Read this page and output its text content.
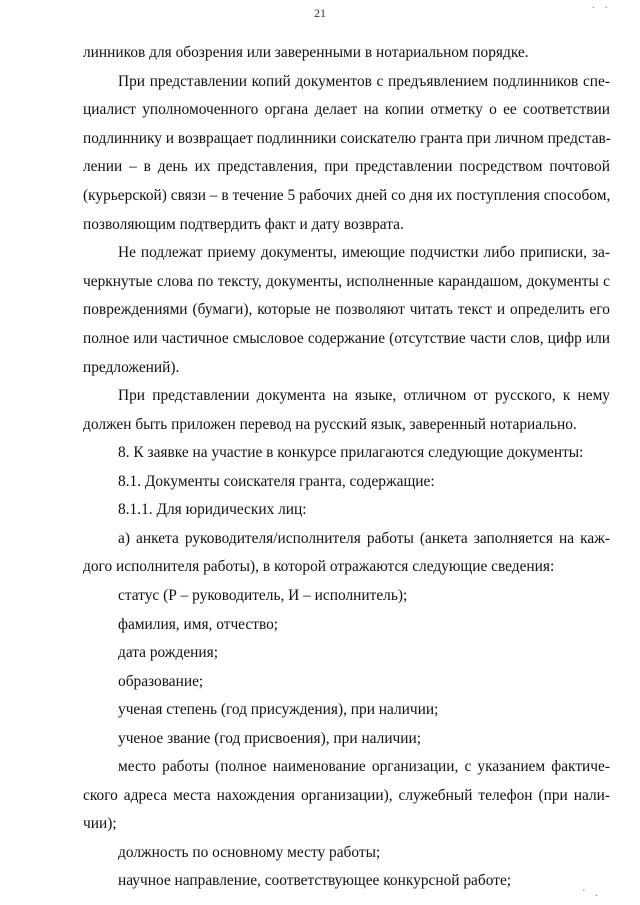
21
. .
' .
линников для обозрения или заверенными в нотариальном порядке.
При представлении копий документов с предъявлением подлинников спе-
циалист уполномоченного органа делает на копии отметку о ее соответствии
подлиннику и возвращает подлинники соискателю гранта при личном представ-
лении – в день их представления, при представлении посредством почтовой
(курьерской) связи – в течение 5 рабочих дней со дня их поступления способом,
позволяющим подтвердить факт и дату возврата.
Не подлежат приему документы, имеющие подчистки либо приписки, за-
черкнутые слова по тексту, документы, исполненные карандашом, документы с
повреждениями (бумаги), которые не позволяют читать текст и определить его
полное или частичное смысловое содержание (отсутствие части слов, цифр или
предложений).
При представлении документа на языке, отличном от русского, к нему
должен быть приложен перевод на русский язык, заверенный нотариально.
8. К заявке на участие в конкурсе прилагаются следующие документы:
8.1. Документы соискателя гранта, содержащие:
8.1.1. Для юридических лиц:
а) анкета руководителя/исполнителя работы (анкета заполняется на каж-
дого исполнителя работы), в которой отражаются следующие сведения:
статус (Р – руководитель, И – исполнитель);
фамилия, имя, отчество;
дата рождения;
образование;
ученая степень (год присуждения), при наличии;
ученое звание (год присвоения), при наличии;
место работы (полное наименование организации, с указанием фактиче-
ского адреса места нахождения организации), служебный телефон (при нали-
чии);
должность по основному месту работы;
научное направление, соответствующее конкурсной работе;
